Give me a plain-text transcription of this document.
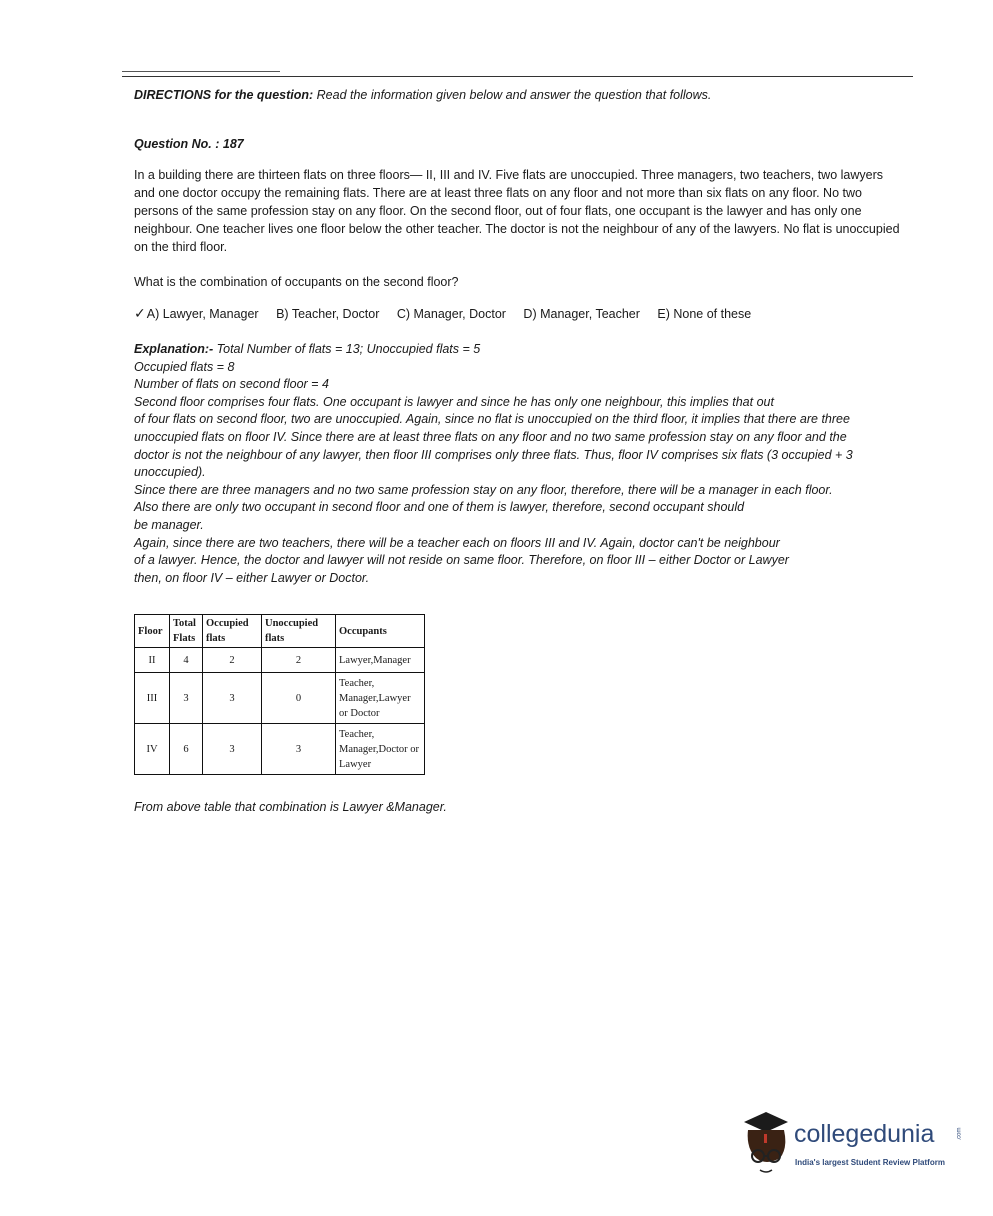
DIRECTIONS for the question: Read the information given below and answer the question that follows.
Question No. : 187
In a building there are thirteen flats on three floors— II, III and IV. Five flats are unoccupied. Three managers, two teachers, two lawyers and one doctor occupy the remaining flats. There are at least three flats on any floor and not more than six flats on any floor. No two persons of the same profession stay on any floor. On the second floor, out of four flats, one occupant is the lawyer and has only one neighbour. One teacher lives one floor below the other teacher. The doctor is not the neighbour of any of the lawyers. No flat is unoccupied on the third floor.
What is the combination of occupants on the second floor?
✓A) Lawyer, Manager B) Teacher, Doctor C) Manager, Doctor D) Manager, Teacher E) None of these

Explanation:- Total Number of flats = 13; Unoccupied flats = 5

Occupied flats = 8

Number of flats on second floor = 4

Second floor comprises four flats. One occupant is lawyer and since he has only one neighbour, this implies that out

of four flats on second floor, two are unoccupied. Again, since no flat is unoccupied on the third floor, it implies that there are three

unoccupied flats on floor IV. Since there are at least three flats on any floor and no two same profession stay on any floor and the

doctor is not the neighbour of any lawyer, then floor III comprises only three flats. Thus, floor IV comprises six flats (3 occupied + 3

unoccupied).

Since there are three managers and no two same profession stay on any floor, therefore, there will be a manager in each floor.

Also there are only two occupant in second floor and one of them is lawyer, therefore, second occupant should

be manager.

Again, since there are two teachers, there will be a teacher each on floors III and IV. Again, doctor can't be neighbour

of a lawyer. Hence, the doctor and lawyer will not reside on same floor. Therefore, on floor III – either Doctor or Lawyer

then, on floor IV – either Lawyer or Doctor.

Floor	Total Flats	Occupied flats	Unoccupied flats	Occupants
II	4	2	2	Lawyer,Manager
III	3	3	0	Teacher, Manager,Lawyer or Doctor
IV	6	3	3	Teacher, Manager,Doctor or Lawyer
From above table that combination is Lawyer &Manager.
collegedunia	.com
India's largest Student Review Platform
